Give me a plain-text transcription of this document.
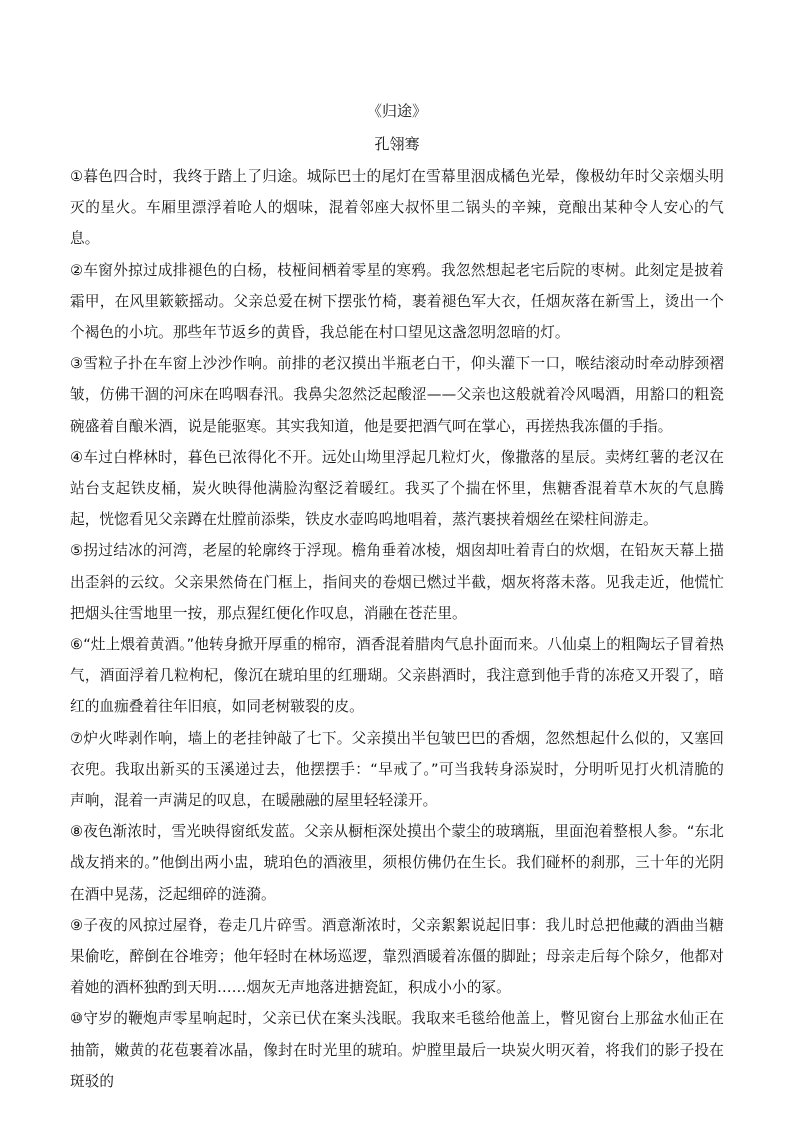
《归途》
孔翎骞

①暮色四合时，我终于踏上了归途。城际巴士的尾灯在雪幕里洇成橘色光晕，像极幼年时父亲烟头明灭的星火。车厢里漂浮着呛人的烟味，混着邻座大叔怀里二锅头的辛辣，竟酿出某种令人安心的气息。

②车窗外掠过成排褪色的白杨，枝桠间栖着零星的寒鸦。我忽然想起老宅后院的枣树。此刻定是披着霜甲，在风里簌簌摇动。父亲总爱在树下摆张竹椅，裹着褪色军大衣，任烟灰落在新雪上，烫出一个个褐色的小坑。那些年节返乡的黄昏，我总能在村口望见这盏忽明忽暗的灯。

③雪粒子扑在车窗上沙沙作响。前排的老汉摸出半瓶老白干，仰头灌下一口，喉结滚动时牵动脖颈褶皱，仿佛干涸的河床在呜咽春汛。我鼻尖忽然泛起酸涩——父亲也这般就着冷风喝酒，用豁口的粗瓷碗盛着自酿米酒，说是能驱寒。其实我知道，他是要把酒气呵在掌心，再搓热我冻僵的手指。

④车过白桦林时，暮色已浓得化不开。远处山坳里浮起几粒灯火，像撒落的星辰。卖烤红薯的老汉在站台支起铁皮桶，炭火映得他满脸沟壑泛着暖红。我买了个揣在怀里，焦糖香混着草木灰的气息腾起，恍惚看见父亲蹲在灶膛前添柴，铁皮水壶呜呜地唱着，蒸汽裹挟着烟丝在梁柱间游走。

⑤拐过结冰的河湾，老屋的轮廓终于浮现。檐角垂着冰棱，烟囱却吐着青白的炊烟，在铅灰天幕上描出歪斜的云纹。父亲果然倚在门框上，指间夹的卷烟已燃过半截，烟灰将落未落。见我走近，他慌忙把烟头往雪地里一按，那点猩红便化作叹息，消融在苍茫里。

⑥“灶上煨着黄酒。”他转身掀开厚重的棉帘，酒香混着腊肉气息扑面而来。八仙桌上的粗陶坛子冒着热气，酒面浮着几粒枸杞，像沉在琥珀里的红珊瑚。父亲斟酒时，我注意到他手背的冻疮又开裂了，暗红的血痂叠着往年旧痕，如同老树皲裂的皮。

⑦炉火哔剥作响，墙上的老挂钟敲了七下。父亲摸出半包皱巴巴的香烟，忽然想起什么似的，又塞回衣兜。我取出新买的玉溪递过去，他摆摆手：“早戒了。”可当我转身添炭时，分明听见打火机清脆的声响，混着一声满足的叹息，在暖融融的屋里轻轻漾开。

⑧夜色渐浓时，雪光映得窗纸发蓝。父亲从橱柜深处摸出个蒙尘的玻璃瓶，里面泡着整根人参。“东北战友捎来的。”他倒出两小盅，琥珀色的酒液里，须根仿佛仍在生长。我们碰杯的刹那，三十年的光阴在酒中晃荡，泛起细碎的涟漪。

⑨子夜的风掠过屋脊，卷走几片碎雪。酒意渐浓时，父亲絮絮说起旧事：我儿时总把他藏的酒曲当糖果偷吃，醉倒在谷堆旁；他年轻时在林场巡逻，靠烈酒暖着冻僵的脚趾；母亲走后每个除夕，他都对着她的酒杯独酌到天明……烟灰无声地落进搪瓷缸，积成小小的冢。

⑩守岁的鞭炮声零星响起时，父亲已伏在案头浅眠。我取来毛毯给他盖上，瞥见窗台上那盆水仙正在抽箭，嫩黄的花苞裹着冰晶，像封在时光里的琥珀。炉膛里最后一块炭火明灭着，将我们的影子投在斑驳的
